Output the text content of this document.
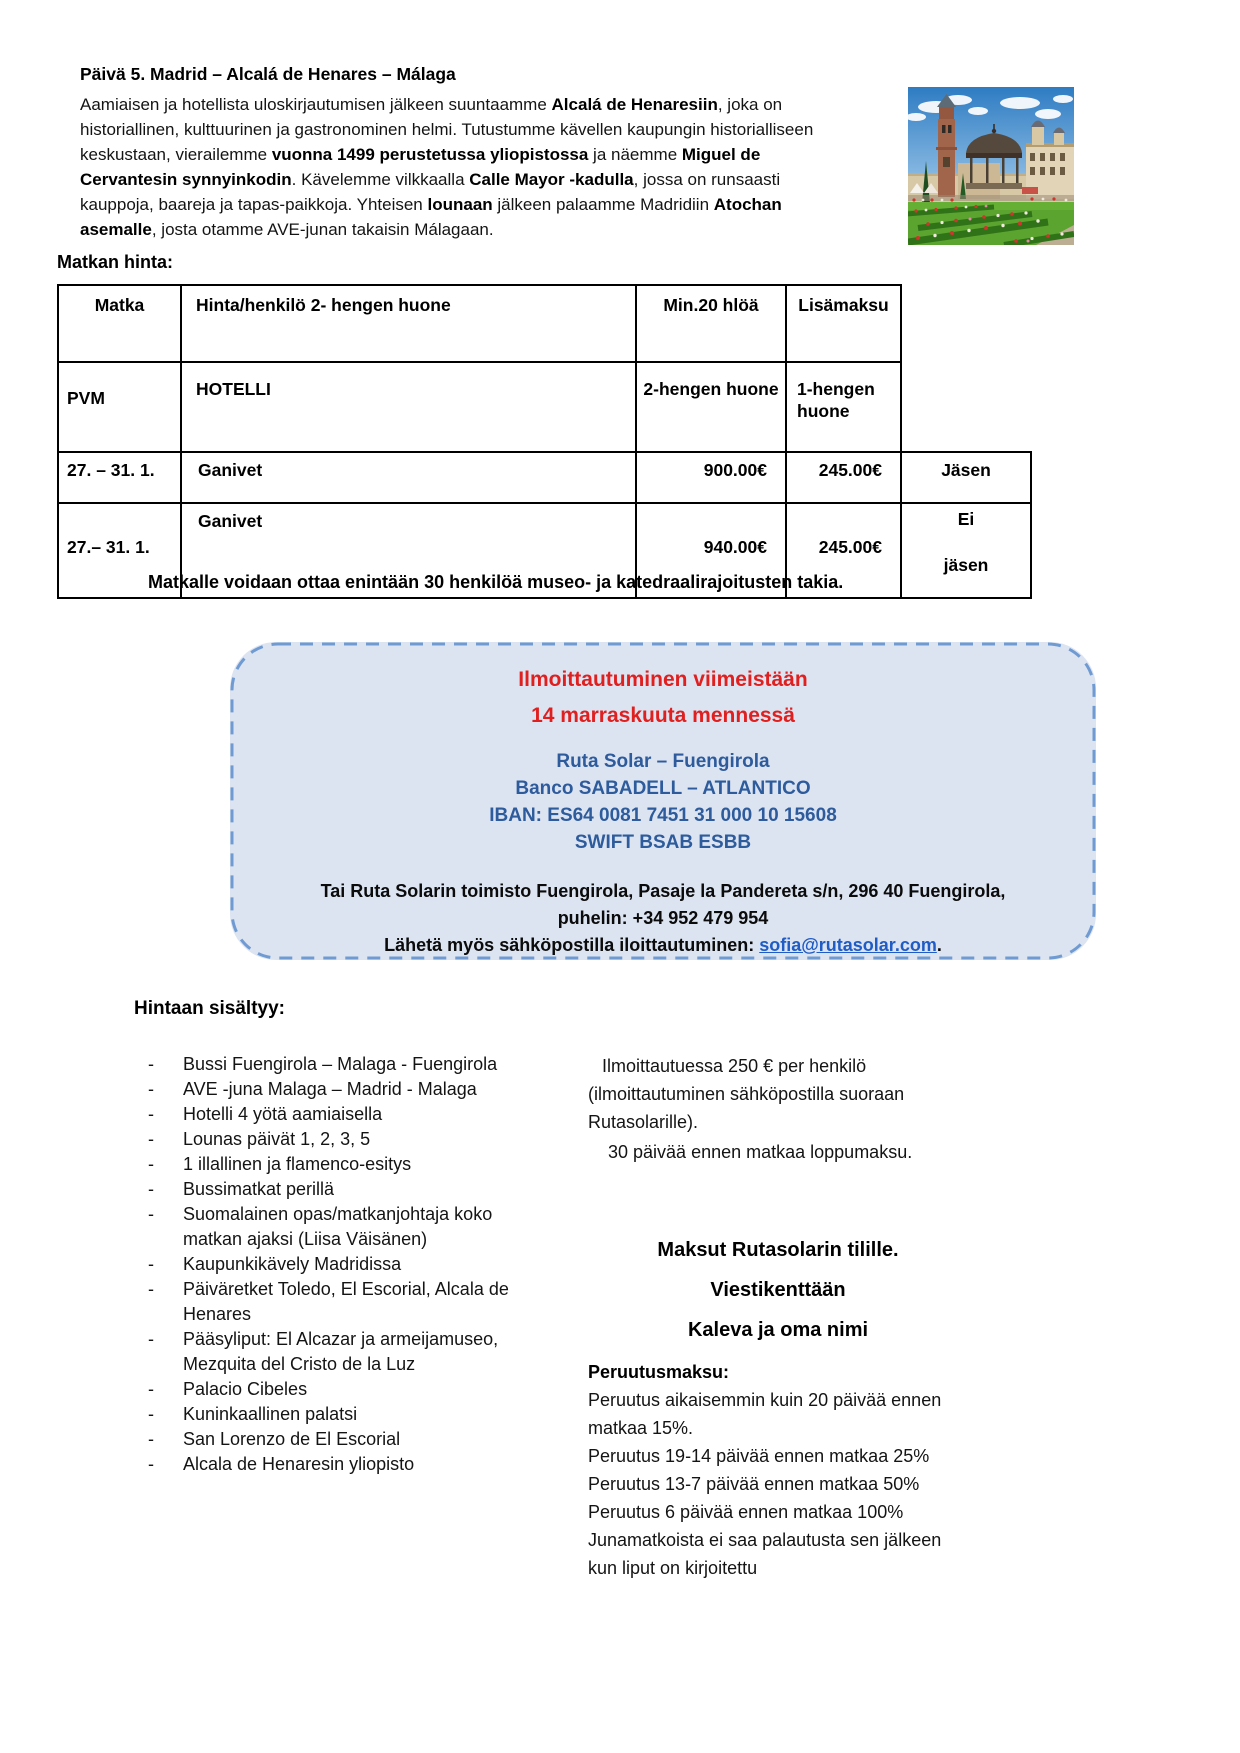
Päivä 5. Madrid – Alcalá de Henares – Málaga
Aamiaisen ja hotellista uloskirjautumisen jälkeen suuntaamme Alcalá de Henaresiin, joka on historiallinen, kulttuurinen ja gastronominen helmi. Tutustumme kävellen kaupungin historialliseen keskustaan, vierailemme vuonna 1499 perustetussa yliopistossa ja näemme Miguel de Cervantesin synnyinkodin. Kävelemme vilkkaalla Calle Mayor -kadulla, jossa on runsaasti kauppoja, baareja ja tapas-paikkoja. Yhteisen lounaan jälkeen palaamme Madridiin Atochan asemalle, josta otamme AVE-junan takaisin Málagaan.
Matkan hinta:
Matka	Hinta/henkilö 2- hengen huone	Min.20 hlöä	Lisämaksu	
PVM	HOTELLI	2-hengen huone	1-hengen
huone	

27. – 31. 1.	Ganivet	900.00€	245.00€	Jäsen
27.– 31. 1.	Ganivet	940.00€	245.00€	Ei
jäsen
Matkalle voidaan ottaa enintään 30 henkilöä museo- ja katedraalirajoitusten takia.
Ilmoittautuminen viimeistään
14 marraskuuta mennessä
Ruta Solar – Fuengirola
Banco SABADELL – ATLANTICO
IBAN: ES64 0081 7451 31 000 10 15608
SWIFT BSAB ESBB
Tai Ruta Solarin toimisto Fuengirola, Pasaje la Pandereta s/n, 296 40 Fuengirola,
puhelin: +34 952 479 954
Lähetä myös sähköpostilla iloittautuminen: sofia@rutasolar.com.
Hintaan sisältyy:
-	Bussi Fuengirola – Malaga - Fuengirola
-	AVE -juna Malaga – Madrid - Malaga
-	Hotelli 4 yötä aamiaisella
-	Lounas päivät 1, 2, 3, 5
-	1 illallinen ja flamenco-esitys
-	Bussimatkat perillä
-	Suomalainen opas/matkanjohtaja koko matkan ajaksi (Liisa Väisänen)
-	Kaupunkikävely Madridissa
-	Päiväretket Toledo, El Escorial, Alcala de Henares
-	Pääsyliput: El Alcazar ja armeijamuseo, Mezquita del Cristo de la Luz
-	Palacio Cibeles
-	Kuninkaallinen palatsi
-	San Lorenzo de El Escorial
-	Alcala de Henaresin yliopisto
Ilmoittautuessa 250 € per henkilö (ilmoittautuminen sähköpostilla suoraan Rutasolarille).
30 päivää ennen matkaa loppumaksu.
Maksut Rutasolarin tilille. Viestikenttään
Kaleva ja oma nimi
Peruutusmaksu:
Peruutus aikaisemmin kuin 20 päivää ennen matkaa 15%.
Peruutus 19-14 päivää ennen matkaa 25%
Peruutus 13-7 päivää ennen matkaa 50%
Peruutus 6 päivää ennen matkaa 100%
Junamatkoista ei saa palautusta sen jälkeen kun liput on kirjoitettu
